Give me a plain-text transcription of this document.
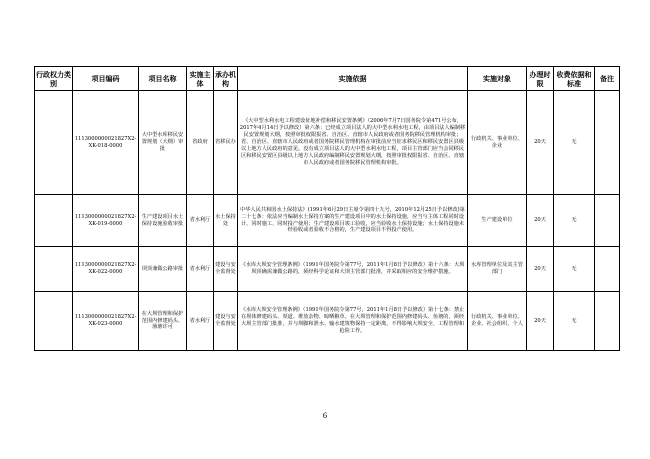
行政权力类别	项目编码	项目名称	实施主体	承办机构	实施依据	实施对象	办理时限	收费依据和标准	备注
	1113000000021827X2-XK-018-0000	大中型水库移民安置规划（大纲）审批	省政府	省移民办	《大中型水利水电工程建设征地补偿和移民安置条例》（2006年7月7日国务院令第471号公布，2017年4月14日予以修改）第六条：已经成立项目法人的大中型水利水电工程，由项目法人编制移民安置规划大纲，按照审批权限报省、自治区、直辖市人民政府或者国务院移民管理机构审批；省、自治区、直辖市人民政府或者国务院移民管理机构在审批前应当征求移民区和移民安置区县级以上地方人民政府的意见。没有成立项目法人的大中型水利水电工程，项目主管部门应当会同移民区和移民安置区县级以上地方人民政府编制移民安置规划大纲，按照审批权限报省、自治区、直辖市人民政府或者国务院移民管理机构审批。	行政机关、事业单位、企业	20天	无	
	1113000000021827X2-XK-019-0000	生产建设项目水土保持设施验收审批	省水利厅	水土保持处	中华人民共和国水土保持法》(1991年6月29日主席令第四十九号，2010年12月25日予以修改)第二十七条：依法应当编制水土保持方案的生产建设项目中的水土保持设施，应当与主体工程同时设计、同时施工、同时投产使用；生产建设项目竣工验收，应当验收水土保持设施；水土保持设施未经验收或者验收不合格的，生产建设项目不得投产使用。	生产建设单位	20天	无	
	1113000000021827X2-XK-022-0000	坝顶兼做公路审批	省水利厅	建设与安全监督处	《水库大坝安全管理条例》（1991年国务院令第77号，2011年1月8日予以修改）第十六条：大坝坝顶确需兼做公路的，须经科学论证和大坝主管部门批准，并采取相应的安全维护措施。	水库管理单位及其主管部门	20天	无	
	1113000000021827X2-XK-023-0000	在大坝管理和保护范围内修建码头、渔塘许可	省水利厅	建设与安全监督处	《水库大坝安全管理条例》（1991年国务院令第77号，2011年1月8日予以修改）第十七条：禁止在坝体修建码头、渠道、堆放杂物、晾晒粮草。在大坝管理和保护范围内修建码头、鱼塘的，须经大坝主管部门批准，并与坝脚和泄水、输水建筑物保持一定距离，不得影响大坝安全、工程管理和抢险工作。	行政机关、事业单位、企业、社会组织、个人	20天	无	
6
